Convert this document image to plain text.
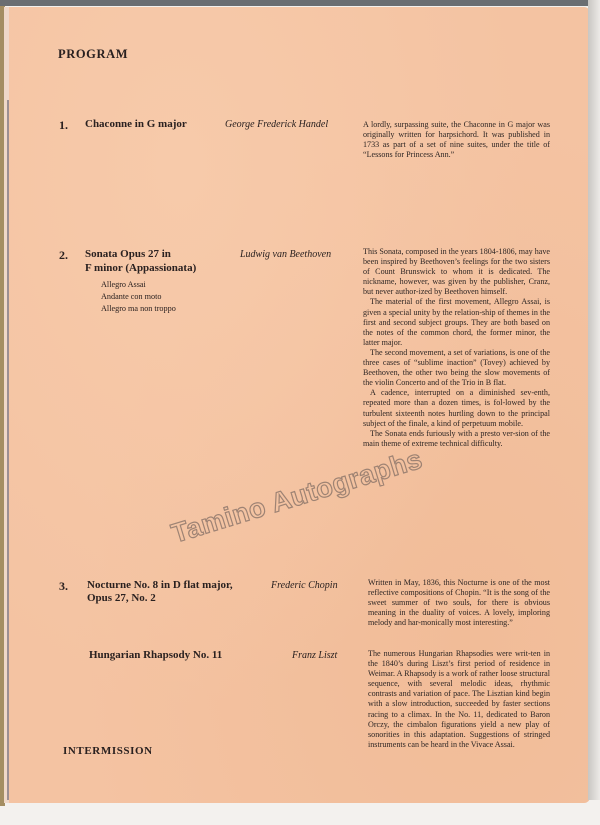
PROGRAM
1. Chaconne in G major	George Frederick Handel	A lordly, surpassing suite, the Chaconne in G major was originally written for harpsichord. It was published in 1733 as part of a set of nine suites, under the title of “Lessons for Princess Ann.”

2. Sonata Opus 27 in
F minor (Appassionata)
Allegro Assai
Andante con moto
Allegro ma non troppo
Ludwig van Beethoven	This Sonata, composed in the years 1804-1806, may have been inspired by Beethoven’s feelings for the two sisters of Count Brunswick to whom it is dedicated. The nickname, however, was given by the publisher, Cranz, but never author-ized by Beethoven himself.

The material of the first movement, Allegro Assai, is given a special unity by the relation-ship of themes in the first and second subject groups. They are both based on the notes of the common chord, the former minor, the latter major.

The second movement, a set of variations, is one of the three cases of “sublime inaction” (Tovey) achieved by Beethoven, the other two being the slow movements of the violin Concerto and of the Trio in B flat.

A cadence, interrupted on a diminished sev-enth, repeated more than a dozen times, is fol-lowed by the turbulent sixteenth notes hurtling down to the principal subject of the finale, a kind of perpetuum mobile.

The Sonata ends furiously with a presto ver-sion of the main theme of extreme technical difficulty.

3. Nocturne No. 8 in D flat major,
Opus 27, No. 2
Frederic Chopin	Written in May, 1836, this Nocturne is one of the most reflective compositions of Chopin. “It is the song of the sweet summer of two souls, for there is obvious meaning in the duality of voices. A lovely, imploring melody and har-monically most interesting.”

Hungarian Rhapsody No. 11	Franz Liszt	The numerous Hungarian Rhapsodies were writ-ten in the 1840’s during Liszt’s first period of residence in Weimar. A Rhapsody is a work of rather loose structural sequence, with several melodic ideas, rhythmic contrasts and variation of pace. The Lisztian kind begin with a slow introduction, succeeded by faster sections racing to a climax. In the No. 11, dedicated to Baron Orczy, the cimbalon figurations yield a new play of sonorities in this adaptation. Suggestions of stringed instruments can be heard in the Vivace Assai.

INTERMISSION
Tamino Autographs
